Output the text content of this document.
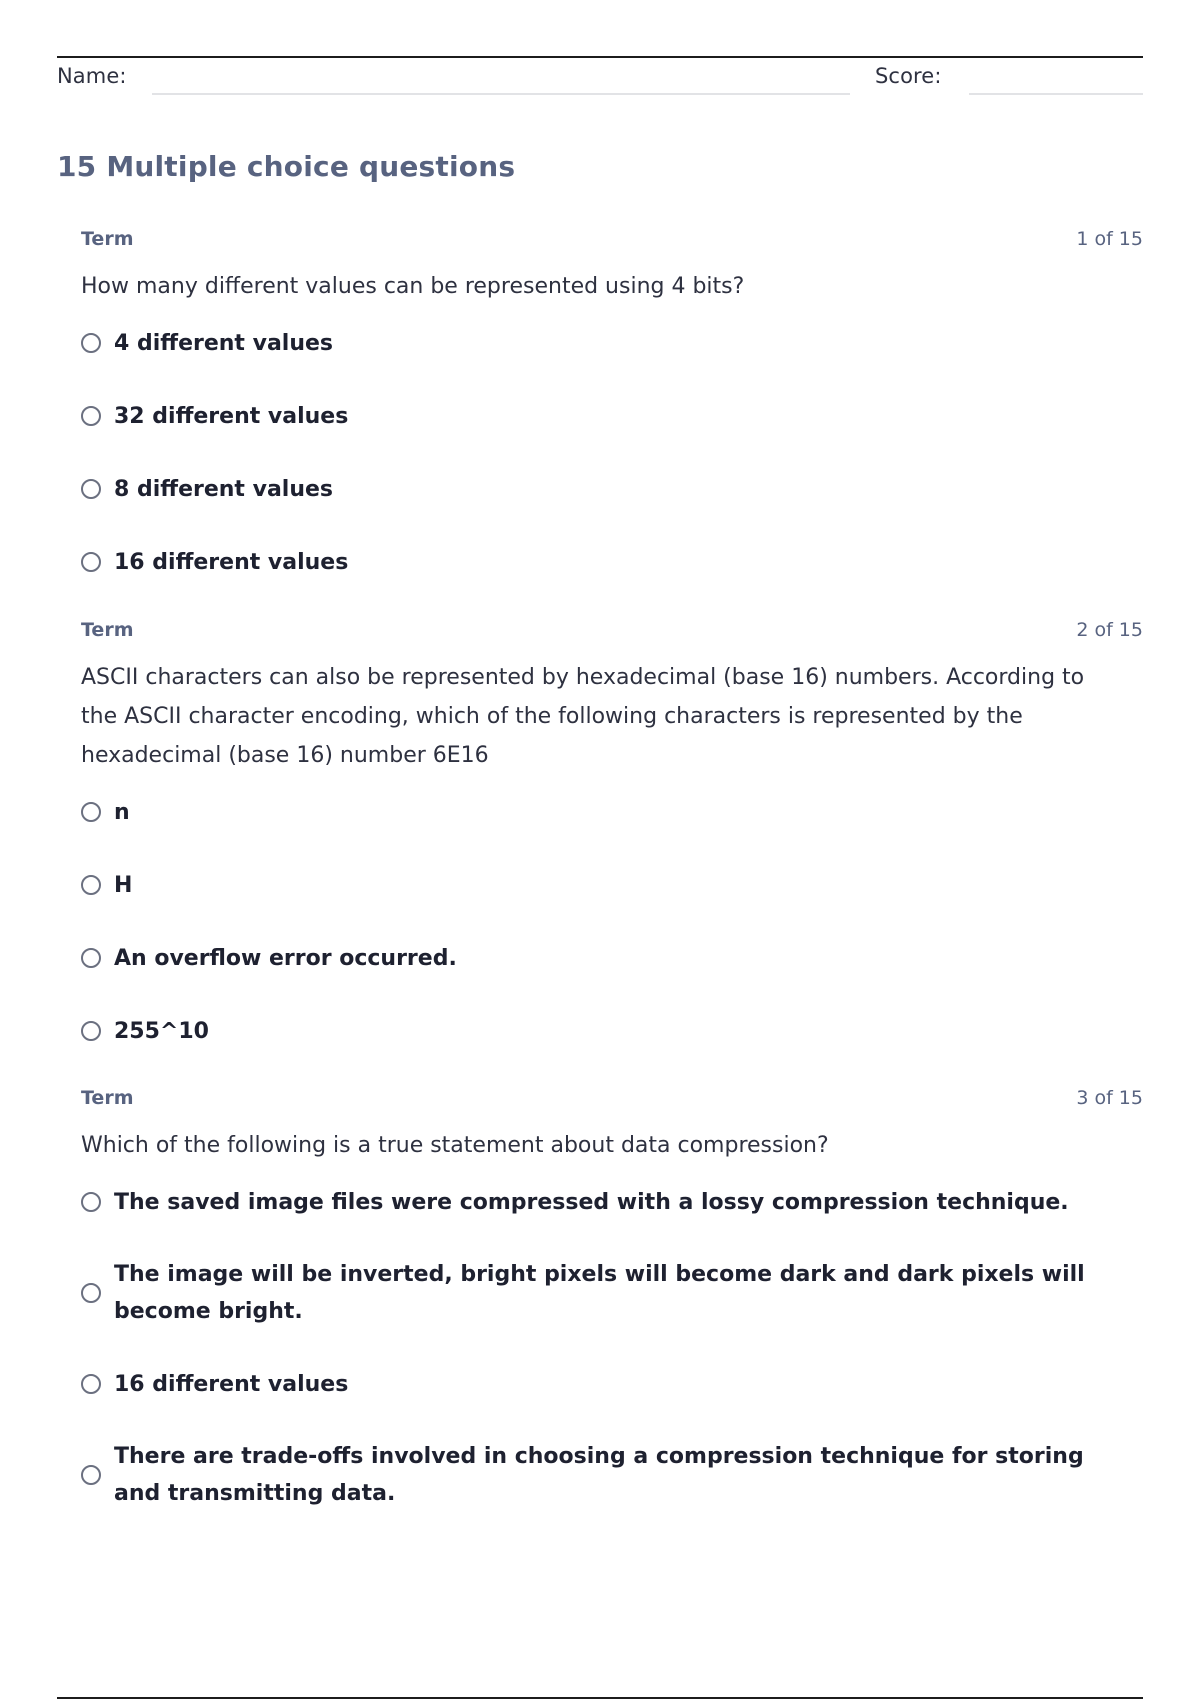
Name:	Score:
15 Multiple choice questions
Term	1 of 15
How many different values can be represented using 4 bits?
4 different values
32 different values
8 different values
16 different values
Term	2 of 15
ASCII characters can also be represented by hexadecimal (base 16) numbers. According to the ASCII character encoding, which of the following characters is represented by the hexadecimal (base 16) number 6E16
n
H
An overflow error occurred.
255^10
Term	3 of 15
Which of the following is a true statement about data compression?
The saved image files were compressed with a lossy compression technique.
The image will be inverted, bright pixels will become dark and dark pixels will become bright.
16 different values
There are trade-offs involved in choosing a compression technique for storing and transmitting data.
